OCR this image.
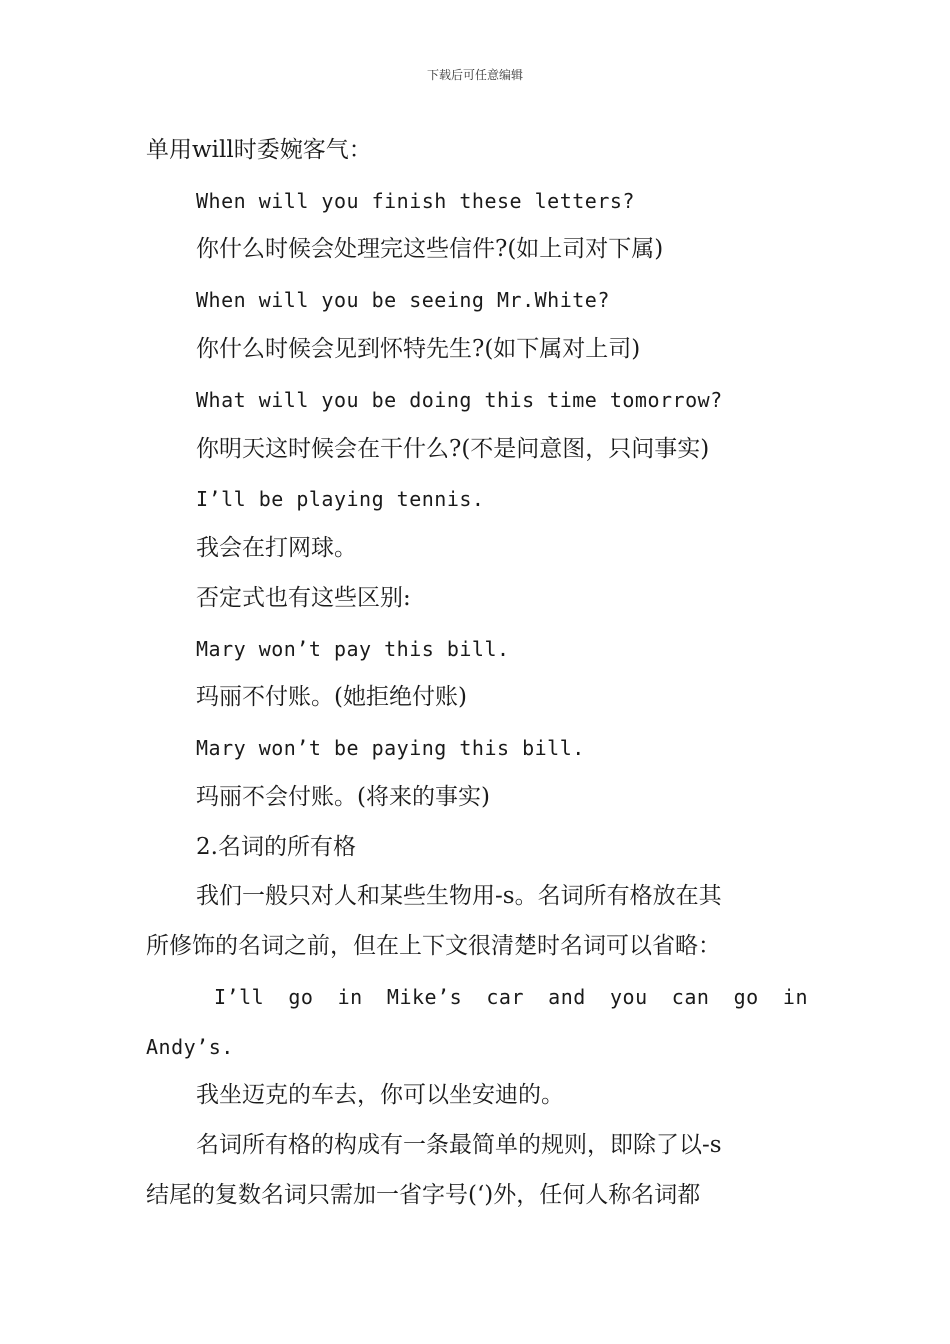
下载后可任意编辑
单用will时委婉客气：
When will you finish these letters?
你什么时候会处理完这些信件?(如上司对下属)
When will you be seeing Mr.White?
你什么时候会见到怀特先生?(如下属对上司)
What will you be doing this time tomorrow?
你明天这时候会在干什么?(不是问意图，只问事实)
I’ll be playing tennis.
我会在打网球。
否定式也有这些区别:
Mary won’t pay this bill.
玛丽不付账。(她拒绝付账)
Mary won’t be paying this bill.
玛丽不会付账。(将来的事实)
2.名词的所有格
我们一般只对人和某些生物用-s。名词所有格放在其
所修饰的名词之前，但在上下文很清楚时名词可以省略：
I’ll go in Mike’s car and you can go in
Andy’s.
我坐迈克的车去，你可以坐安迪的。
名词所有格的构成有一条最简单的规则，即除了以-s
结尾的复数名词只需加一省字号(‘)外，任何人称名词都
